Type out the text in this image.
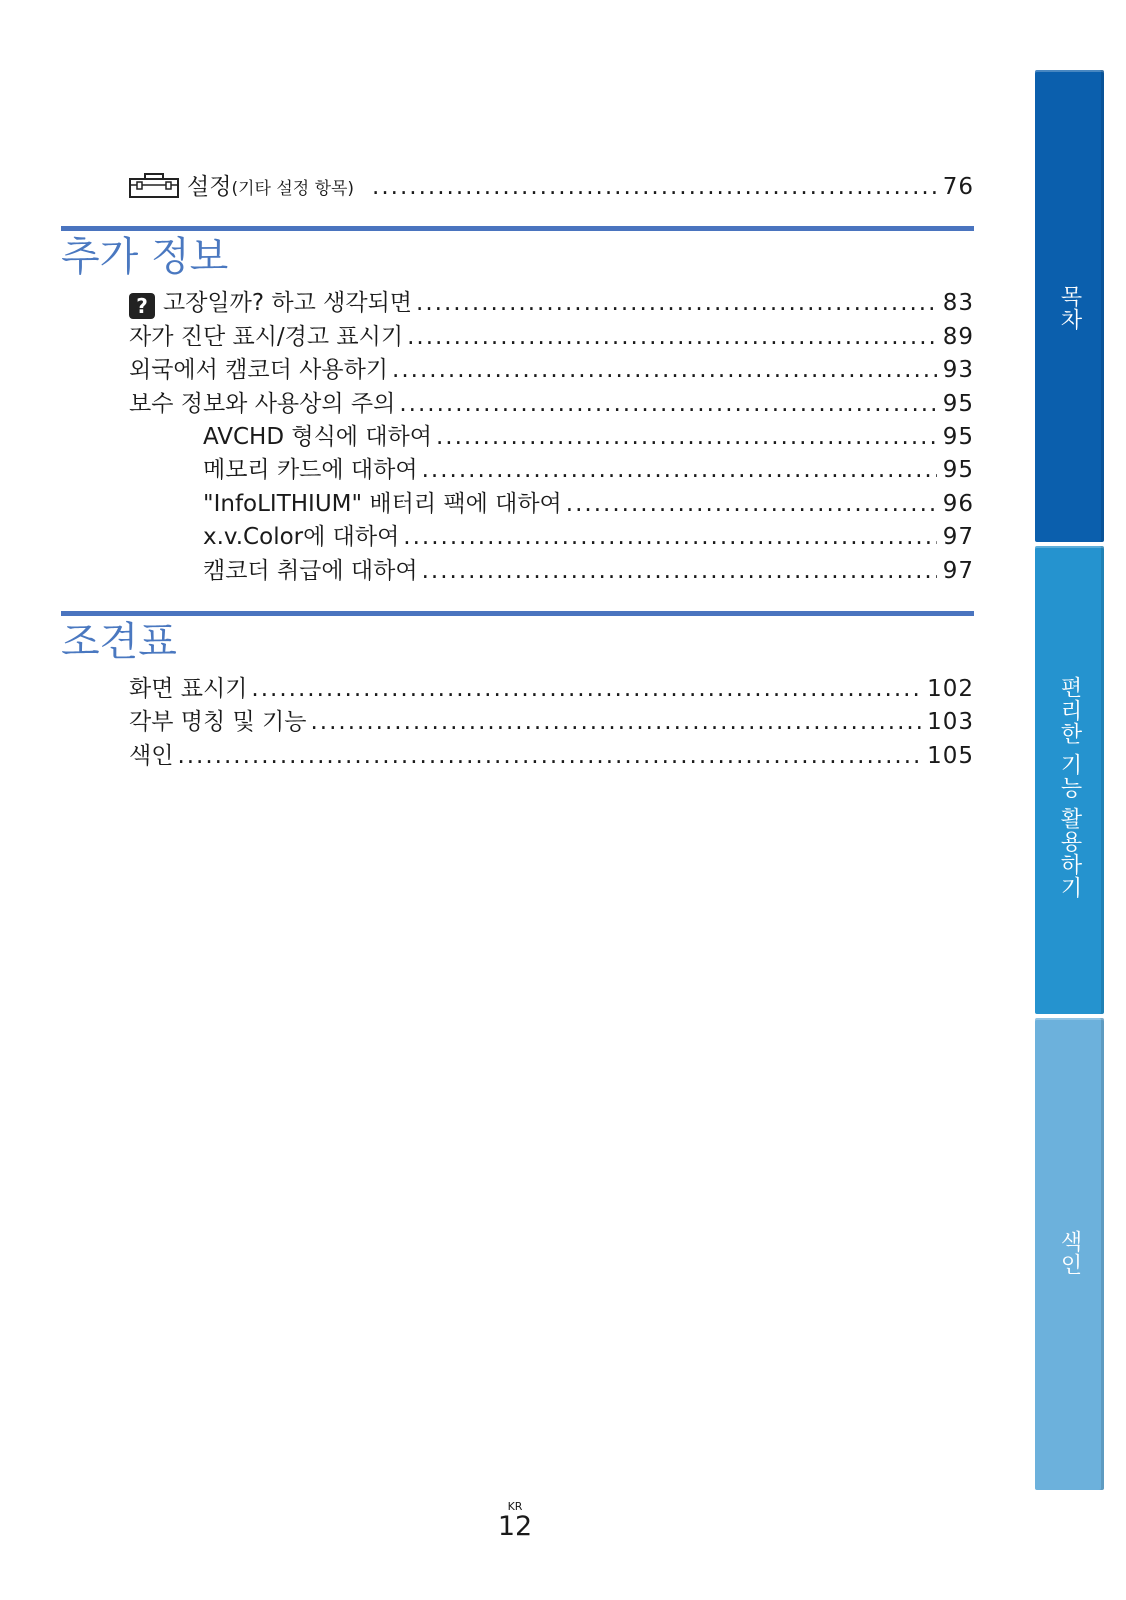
설정(기타 설정 항목) .....	76
추가 정보
? 고장일까? 하고 생각되면 .....	83
자가 진단 표시/경고 표시기 .....	89
외국에서 캠코더 사용하기 .....	93
보수 정보와 사용상의 주의 .....	95
AVCHD 형식에 대하여 .....	95
메모리 카드에 대하여 .....	95
"InfoLITHIUM" 배터리 팩에 대하여 .....	96
x.v.Color에 대하여 .....	97
캠코더 취급에 대하여 .....	97
조견표
화면 표시기 .....	102
각부 명칭 및 기능 .....	103
색인 .....	105
목차
편리한 기능 활용하기
색인
KR
12
